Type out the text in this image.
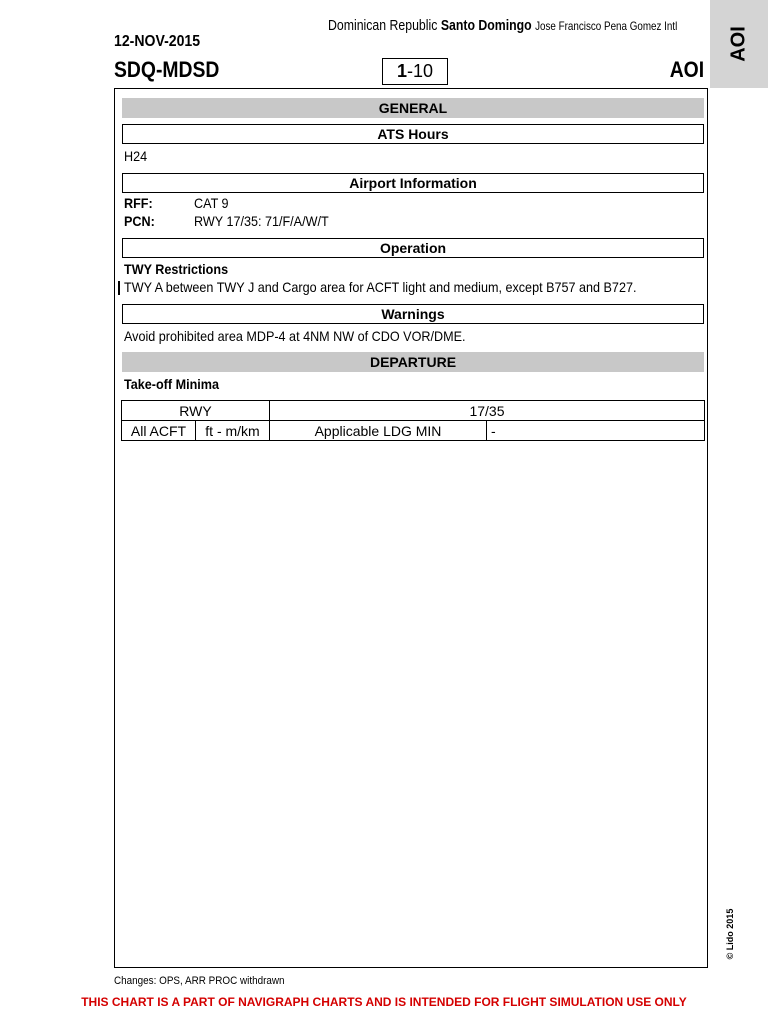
Dominican Republic Santo Domingo Jose Francisco Pena Gomez Intl
12-NOV-2015
SDQ-MDSD	1-10	AOI
AOI
GENERAL
ATS Hours
H24
Airport Information
RFF:	CAT 9
PCN:	RWY 17/35: 71/F/A/W/T
Operation
TWY Restrictions
TWY A between TWY J and Cargo area for ACFT light and medium, except B757 and B727.
Warnings
Avoid prohibited area MDP-4 at 4NM NW of CDO VOR/DME.
DEPARTURE
Take-off Minima
RWY		17/35	
All ACFT	ft - m/km	Applicable LDG MIN	-
© Lido 2015
Changes: OPS, ARR PROC withdrawn
THIS CHART IS A PART OF NAVIGRAPH CHARTS AND IS INTENDED FOR FLIGHT SIMULATION USE ONLY
